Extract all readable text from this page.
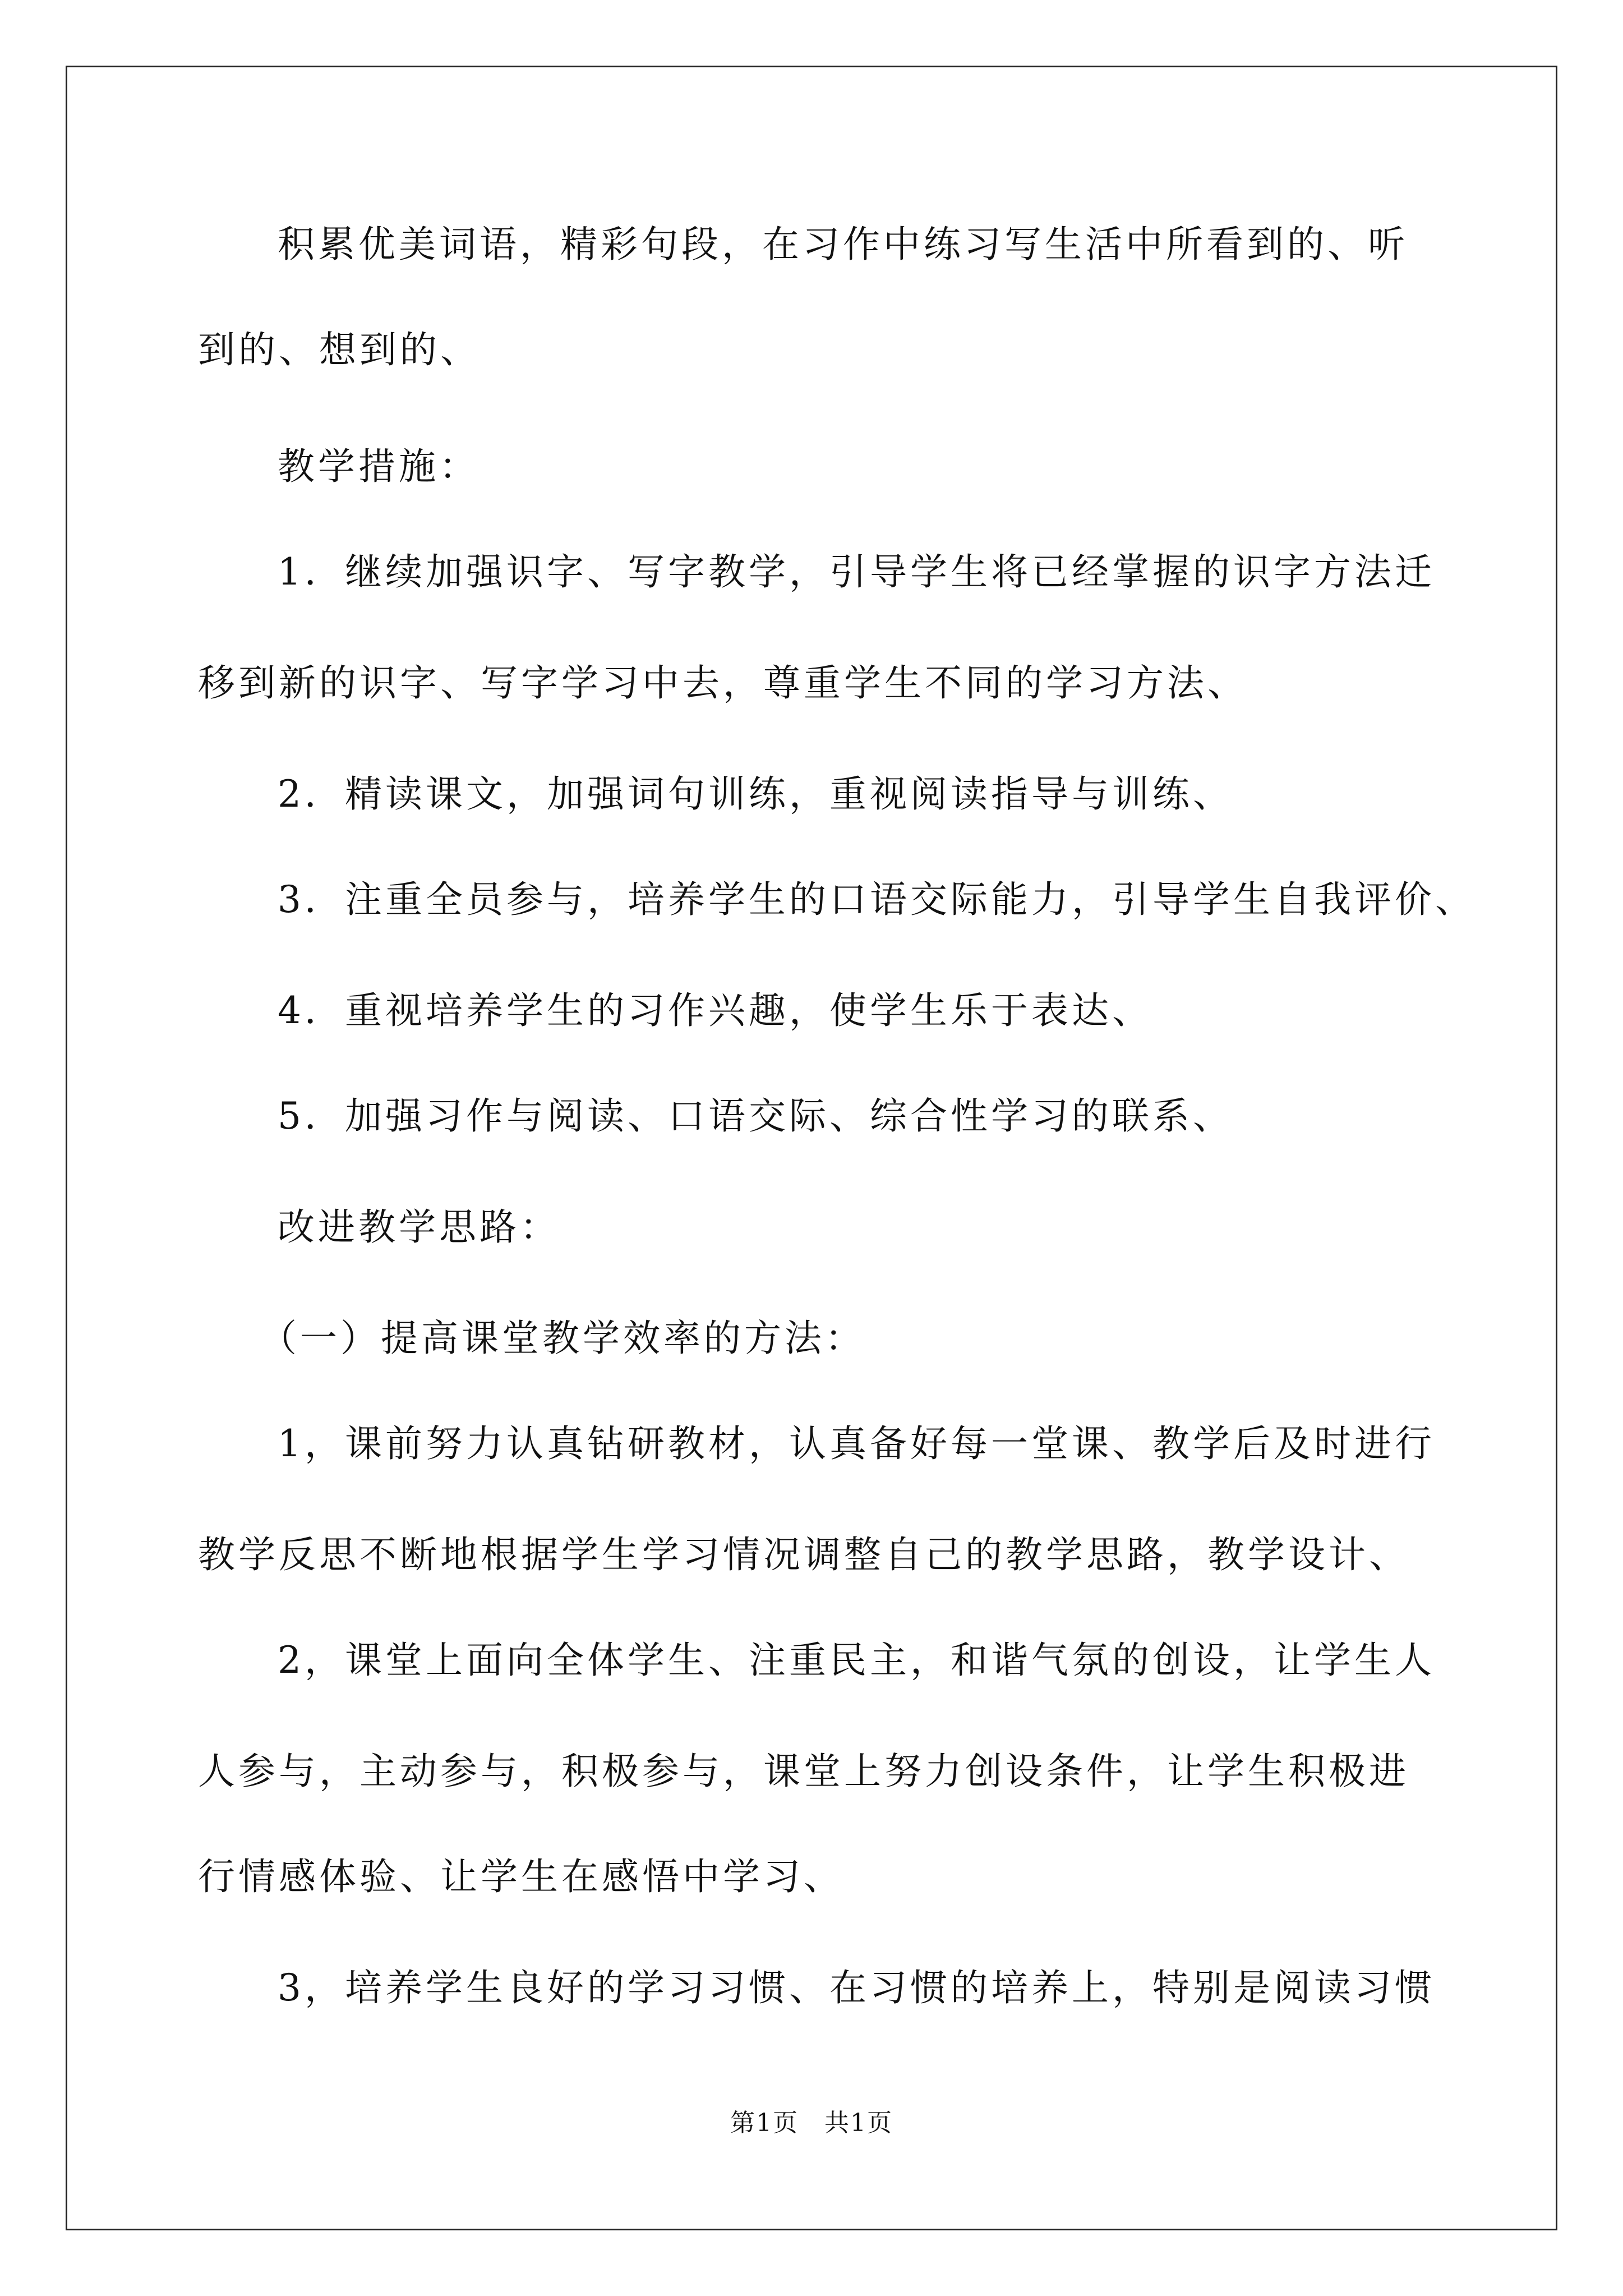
积累优美词语，精彩句段，在习作中练习写生活中所看到的、听
到的、想到的、
教学措施：
1．继续加强识字、写字教学，引导学生将已经掌握的识字方法迁
移到新的识字、写字学习中去，尊重学生不同的学习方法、
2．精读课文，加强词句训练，重视阅读指导与训练、
3．注重全员参与，培养学生的口语交际能力，引导学生自我评价、
4．重视培养学生的习作兴趣，使学生乐于表达、
5．加强习作与阅读、口语交际、综合性学习的联系、
改进教学思路：
（一）提高课堂教学效率的方法：
1，课前努力认真钻研教材，认真备好每一堂课、教学后及时进行
教学反思不断地根据学生学习情况调整自己的教学思路，教学设计、
2，课堂上面向全体学生、注重民主，和谐气氛的创设，让学生人
人参与，主动参与，积极参与，课堂上努力创设条件，让学生积极进
行情感体验、让学生在感悟中学习、
3，培养学生良好的学习习惯、在习惯的培养上，特别是阅读习惯
第1页　共1页
